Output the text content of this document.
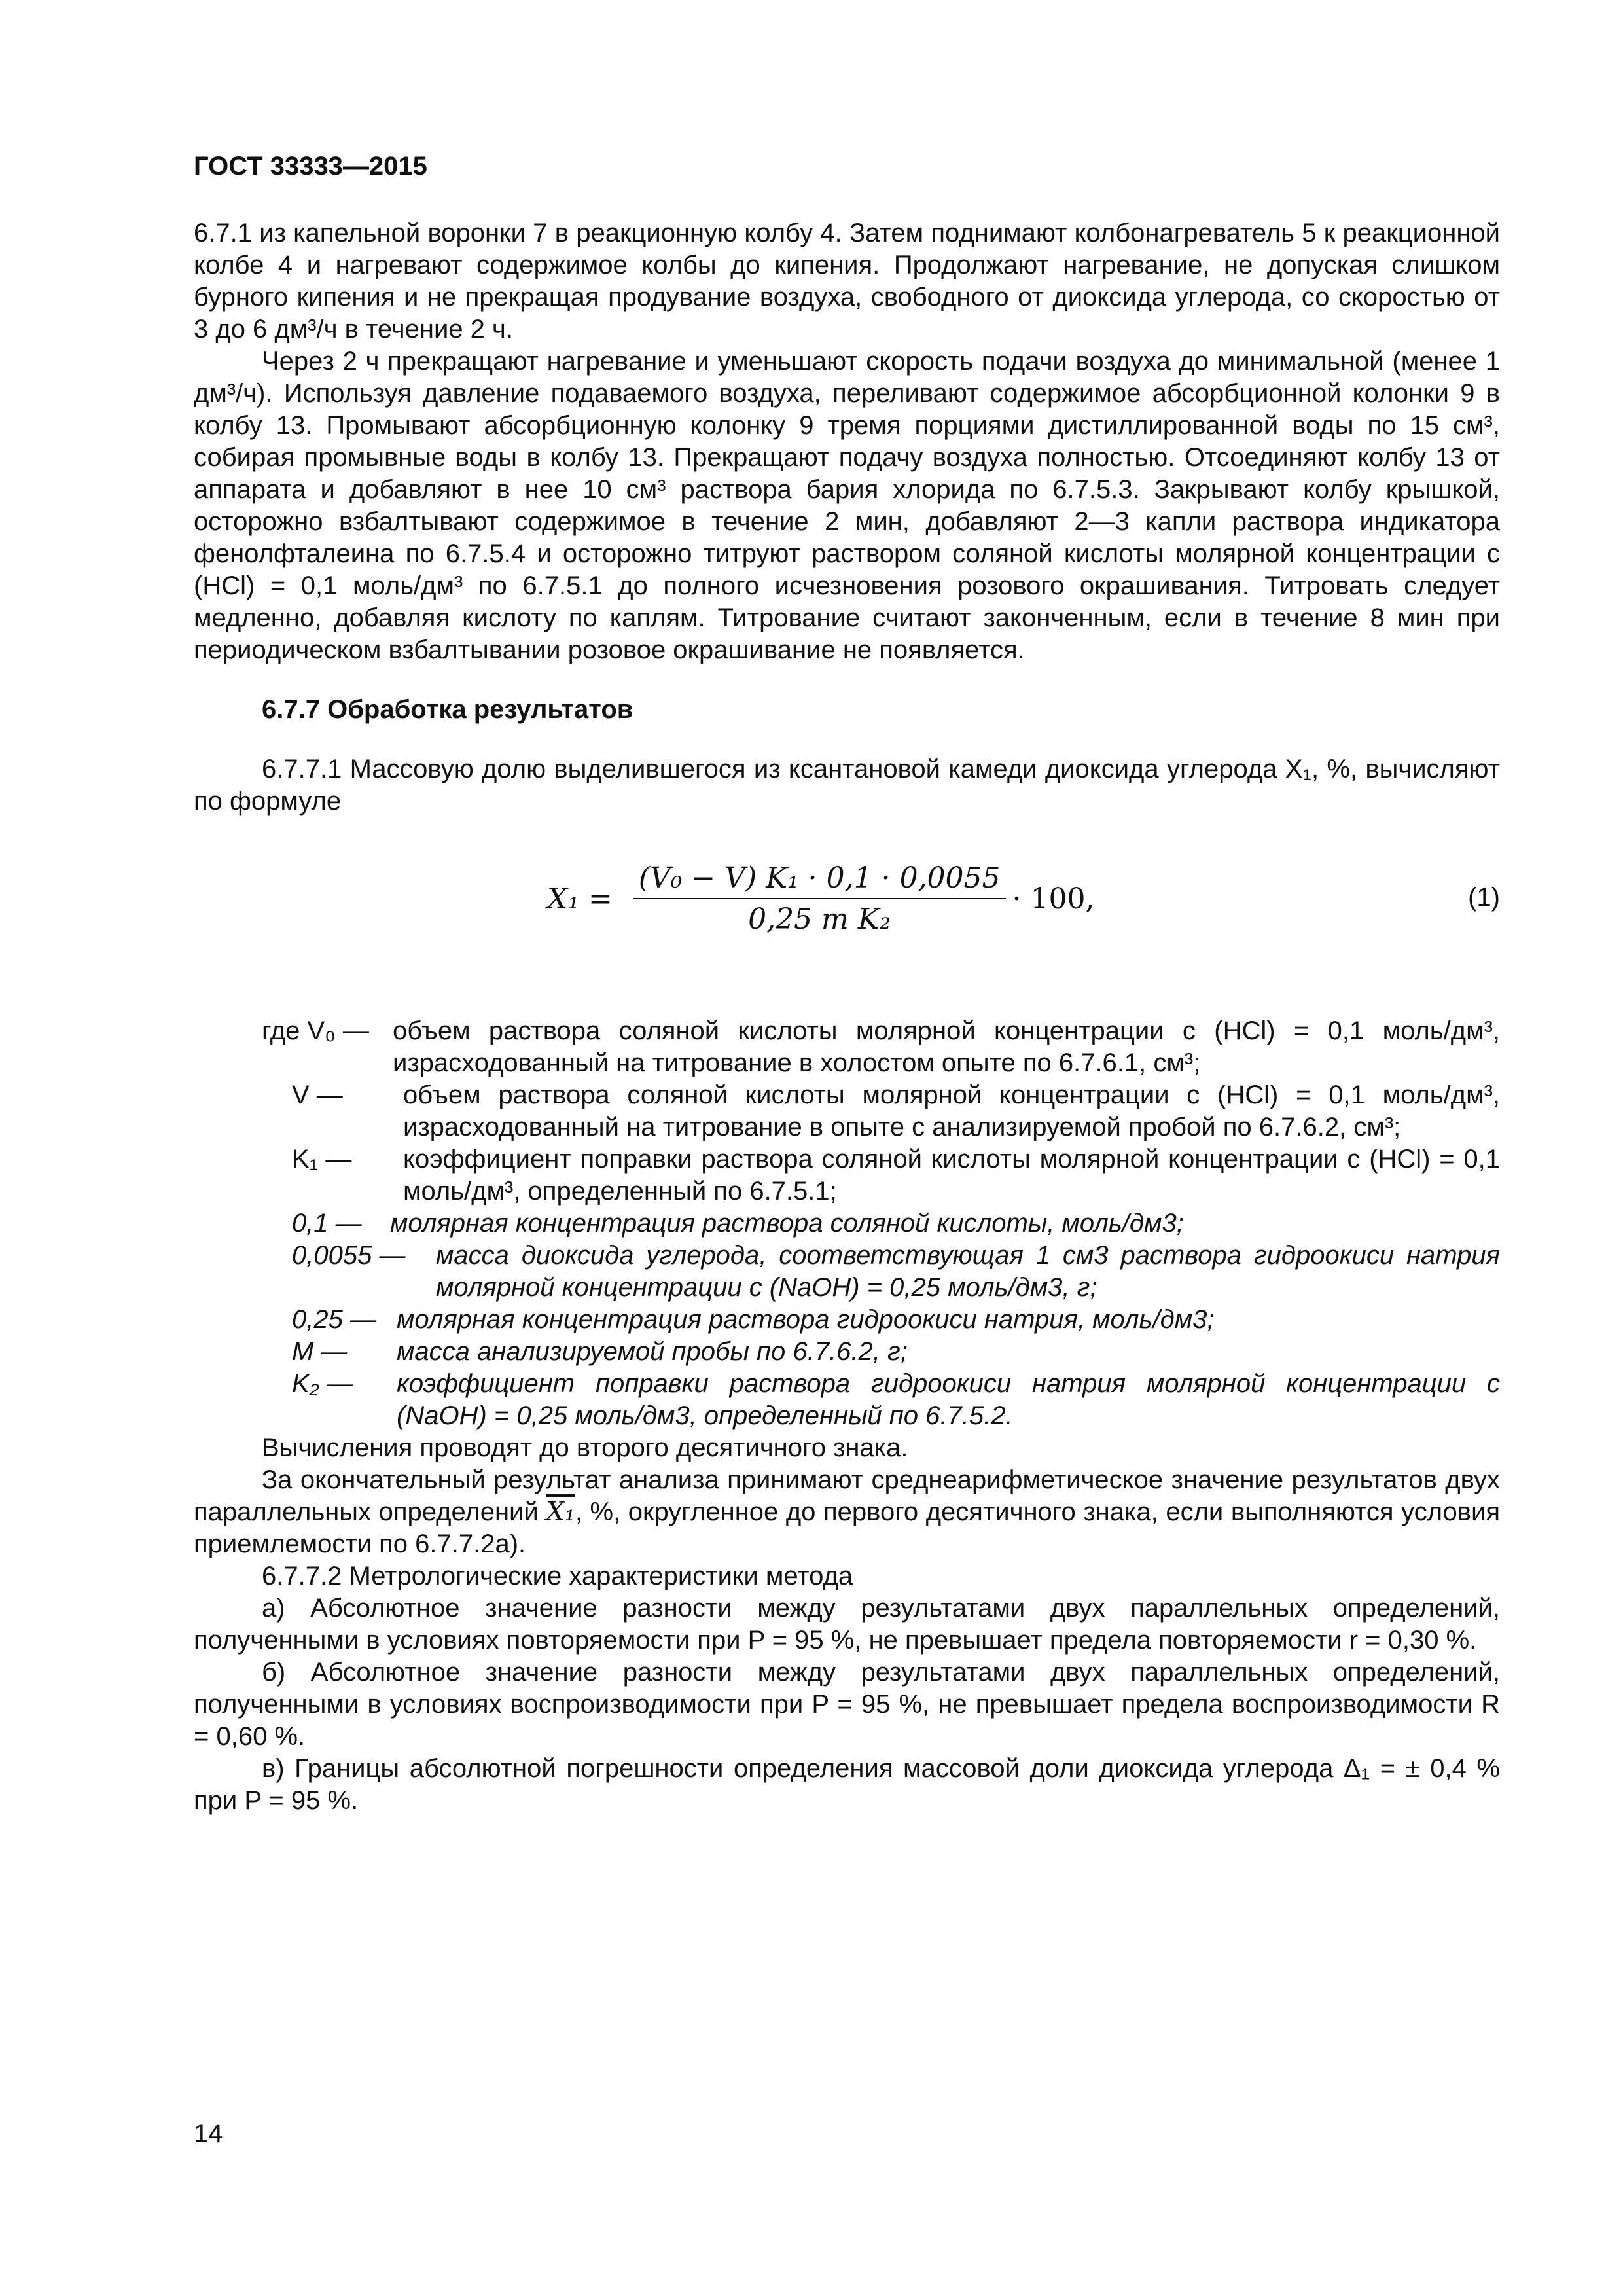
ГОСТ 33333—2015

6.7.1 из капельной воронки 7 в реакционную колбу 4. Затем поднимают колбонагреватель 5 к реакционной колбе 4 и нагревают содержимое колбы до кипения. Продолжают нагревание, не допуская слишком бурного кипения и не прекращая продувание воздуха, свободного от диоксида углерода, со скоростью от 3 до 6 дм³/ч в течение 2 ч.

Через 2 ч прекращают нагревание и уменьшают скорость подачи воздуха до минимальной (менее 1 дм³/ч). Используя давление подаваемого воздуха, переливают содержимое абсорбционной колонки 9 в колбу 13. Промывают абсорбционную колонку 9 тремя порциями дистиллированной воды по 15 см³, собирая промывные воды в колбу 13. Прекращают подачу воздуха полностью. Отсоединяют колбу 13 от аппарата и добавляют в нее 10 см³ раствора бария хлорида по 6.7.5.3. Закрывают колбу крышкой, осторожно взбалтывают содержимое в течение 2 мин, добавляют 2—3 капли раствора индикатора фенолфталеина по 6.7.5.4 и осторожно титруют раствором соляной кислоты молярной концентрации c (HCl) = 0,1 моль/дм³ по 6.7.5.1 до полного исчезновения розового окрашивания. Титровать следует медленно, добавляя кислоту по каплям. Титрование считают законченным, если в течение 8 мин при периодическом взбалтывании розовое окрашивание не появляется.

6.7.7 Обработка результатов

6.7.7.1 Массовую долю выделившегося из ксантановой камеди диоксида углерода X₁, %, вычисляют по формуле

$X_1 = \frac{\text{(V₀ − V) K₁ · 0,1 · 0,0055}}{\text{0,25 m K₂}} \cdot 100$,	(1)
где V₀ — объем раствора соляной кислоты молярной концентрации c (HCl) = 0,1 моль/дм³, израсходованный на титрование в холостом опыте по 6.7.6.1, см³;
V —	объем раствора соляной кислоты молярной концентрации c (HCl) = 0,1 моль/дм³, израсходованный на титрование в опыте с анализируемой пробой по 6.7.6.2, см³;
K₁ —	коэффициент поправки раствора соляной кислоты молярной концентрации c (HCl) = 0,1 моль/дм³, определенный по 6.7.5.1;
0,1 —	молярная концентрация раствора соляной кислоты, моль/дм3;
0,0055 —	масса диоксида углерода, соответствующая 1 см3 раствора гидроокиси натрия молярной концентрации c (NaOH) = 0,25 моль/дм3, г;
0,25 — молярная концентрация раствора гидроокиси натрия, моль/дм3;
M —	масса анализируемой пробы по 6.7.6.2, г;
K₂ —	коэффициент поправки раствора гидроокиси натрия молярной концентрации c (NaOH) = 0,25 моль/дм3, определенный по 6.7.5.2.

Вычисления проводят до второго десятичного знака.

За окончательный результат анализа принимают среднеарифметическое значение результатов двух параллельных определений X₁, %, округленное до первого десятичного знака, если выполняются условия приемлемости по 6.7.7.2а).

6.7.7.2 Метрологические характеристики метода

а) Абсолютное значение разности между результатами двух параллельных определений, полученными в условиях повторяемости при P = 95 %, не превышает предела повторяемости r = 0,30 %.

б) Абсолютное значение разности между результатами двух параллельных определений, полученными в условиях воспроизводимости при P = 95 %, не превышает предела воспроизводимости R = 0,60 %.

в) Границы абсолютной погрешности определения массовой доли диоксида углерода Δ₁ = ± 0,4 % при P = 95 %.

14
